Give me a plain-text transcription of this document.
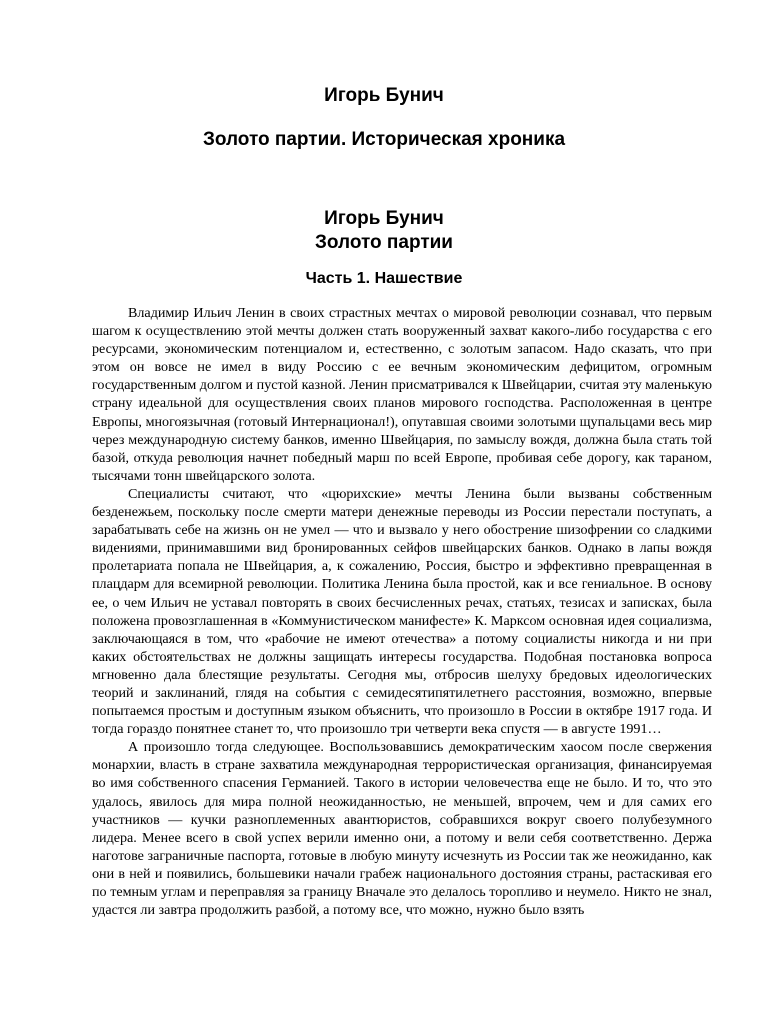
Игорь Бунич
Золото партии. Историческая хроника
Игорь Бунич
Золото партии
Часть 1. Нашествие

Владимир Ильич Ленин в своих страстных мечтах о мировой революции сознавал, что первым шагом к осуществлению этой мечты должен стать вооруженный захват какого-либо государства с его ресурсами, экономическим потенциалом и, естественно, с золотым запасом. Надо сказать, что при этом он вовсе не имел в виду Россию с ее вечным экономическим дефицитом, огромным государственным долгом и пустой казной. Ленин присматривался к Швейцарии, считая эту маленькую страну идеальной для осуществления своих планов мирового господства. Расположенная в центре Европы, многоязычная (готовый Интернационал!), опутавшая своими золотыми щупальцами весь мир через международную систему банков, именно Швейцария, по замыслу вождя, должна была стать той базой, откуда революция начнет победный марш по всей Европе, пробивая себе дорогу, как тараном, тысячами тонн швейцарского золота.

Специалисты считают, что «цюрихские» мечты Ленина были вызваны собственным безденежьем, поскольку после смерти матери денежные переводы из России перестали поступать, а зарабатывать себе на жизнь он не умел — что и вызвало у него обострение шизофрении со сладкими видениями, принимавшими вид бронированных сейфов швейцарских банков. Однако в лапы вождя пролетариата попала не Швейцария, а, к сожалению, Россия, быстро и эффективно превращенная в плацдарм для всемирной революции. Политика Ленина была простой, как и все гениальное. В основу ее, о чем Ильич не уставал повторять в своих бесчисленных речах, статьях, тезисах и записках, была положена провозглашенная в «Коммунистическом манифесте» К. Марксом основная идея социализма, заключающаяся в том, что «рабочие не имеют отечества» а потому социалисты никогда и ни при каких обстоятельствах не должны защищать интересы государства. Подобная постановка вопроса мгновенно дала блестящие результаты. Сегодня мы, отбросив шелуху бредовых идеологических теорий и заклинаний, глядя на события с семидесятипятилетнего расстояния, возможно, впервые попытаемся простым и доступным языком объяснить, что произошло в России в октябре 1917 года. И тогда гораздо понятнее станет то, что произошло три четверти века спустя — в августе 1991…

А произошло тогда следующее. Воспользовавшись демократическим хаосом после свержения монархии, власть в стране захватила международная террористическая организация, финансируемая во имя собственного спасения Германией. Такого в истории человечества еще не было. И то, что это удалось, явилось для мира полной неожиданностью, не меньшей, впрочем, чем и для самих его участников — кучки разноплеменных авантюристов, собравшихся вокруг своего полубезумного лидера. Менее всего в свой успех верили именно они, а потому и вели себя соответственно. Держа наготове заграничные паспорта, готовые в любую минуту исчезнуть из России так же неожиданно, как они в ней и появились, большевики начали грабеж национального достояния страны, растаскивая его по темным углам и переправляя за границу Вначале это делалось торопливо и неумело. Никто не знал, удастся ли завтра продолжить разбой, а потому все, что можно, нужно было взять
